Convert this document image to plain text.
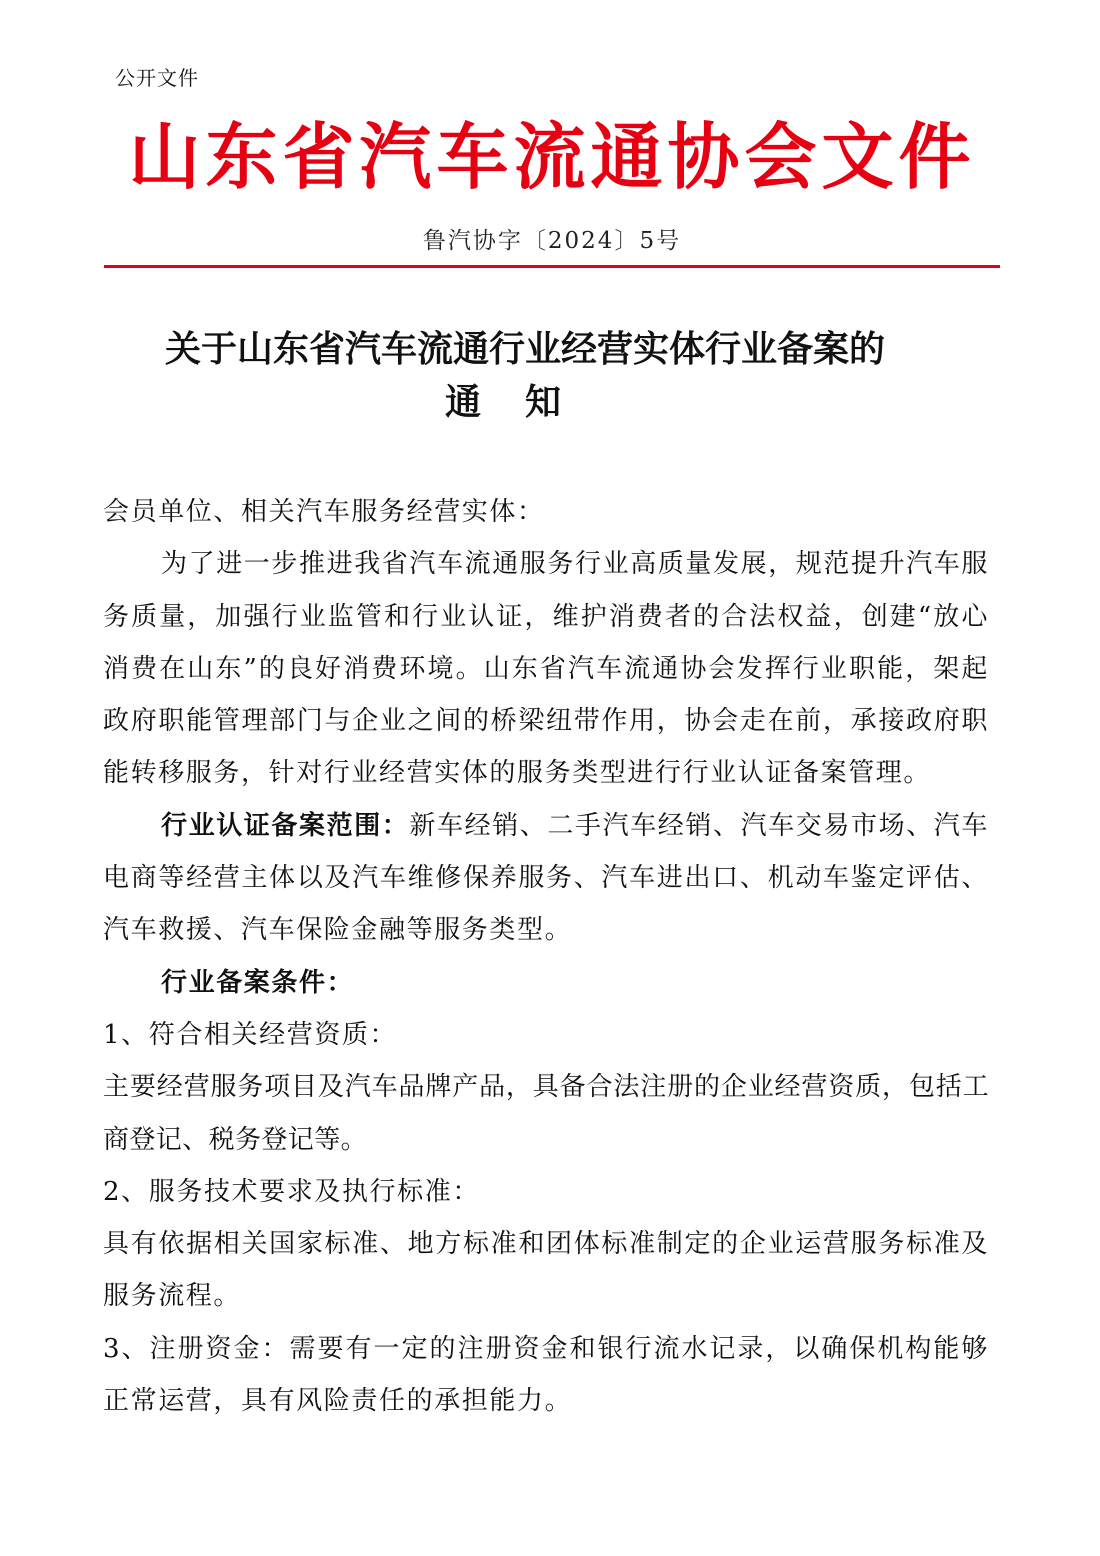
公开文件
山东省汽车流通协会文件
鲁汽协字〔2024〕5号
关于山东省汽车流通行业经营实体行业备案的
通知

会员单位、相关汽车服务经营实体：

为了进一步推进我省汽车流通服务行业高质量发展，规范提升汽车服务质量，加强行业监管和行业认证，维护消费者的合法权益，创建“放心消费在山东”的良好消费环境。山东省汽车流通协会发挥行业职能，架起政府职能管理部门与企业之间的桥梁纽带作用，协会走在前，承接政府职能转移服务，针对行业经营实体的服务类型进行行业认证备案管理。

行业认证备案范围：新车经销、二手汽车经销、汽车交易市场、汽车电商等经营主体以及汽车维修保养服务、汽车进出口、机动车鉴定评估、汽车救援、汽车保险金融等服务类型。

行业备案条件：

1、符合相关经营资质：

主要经营服务项目及汽车品牌产品，具备合法注册的企业经营资质，包括工商登记、税务登记等。

2、服务技术要求及执行标准：

具有依据相关国家标准、地方标准和团体标准制定的企业运营服务标准及服务流程。

3、注册资金：需要有一定的注册资金和银行流水记录，以确保机构能够正常运营，具有风险责任的承担能力。
